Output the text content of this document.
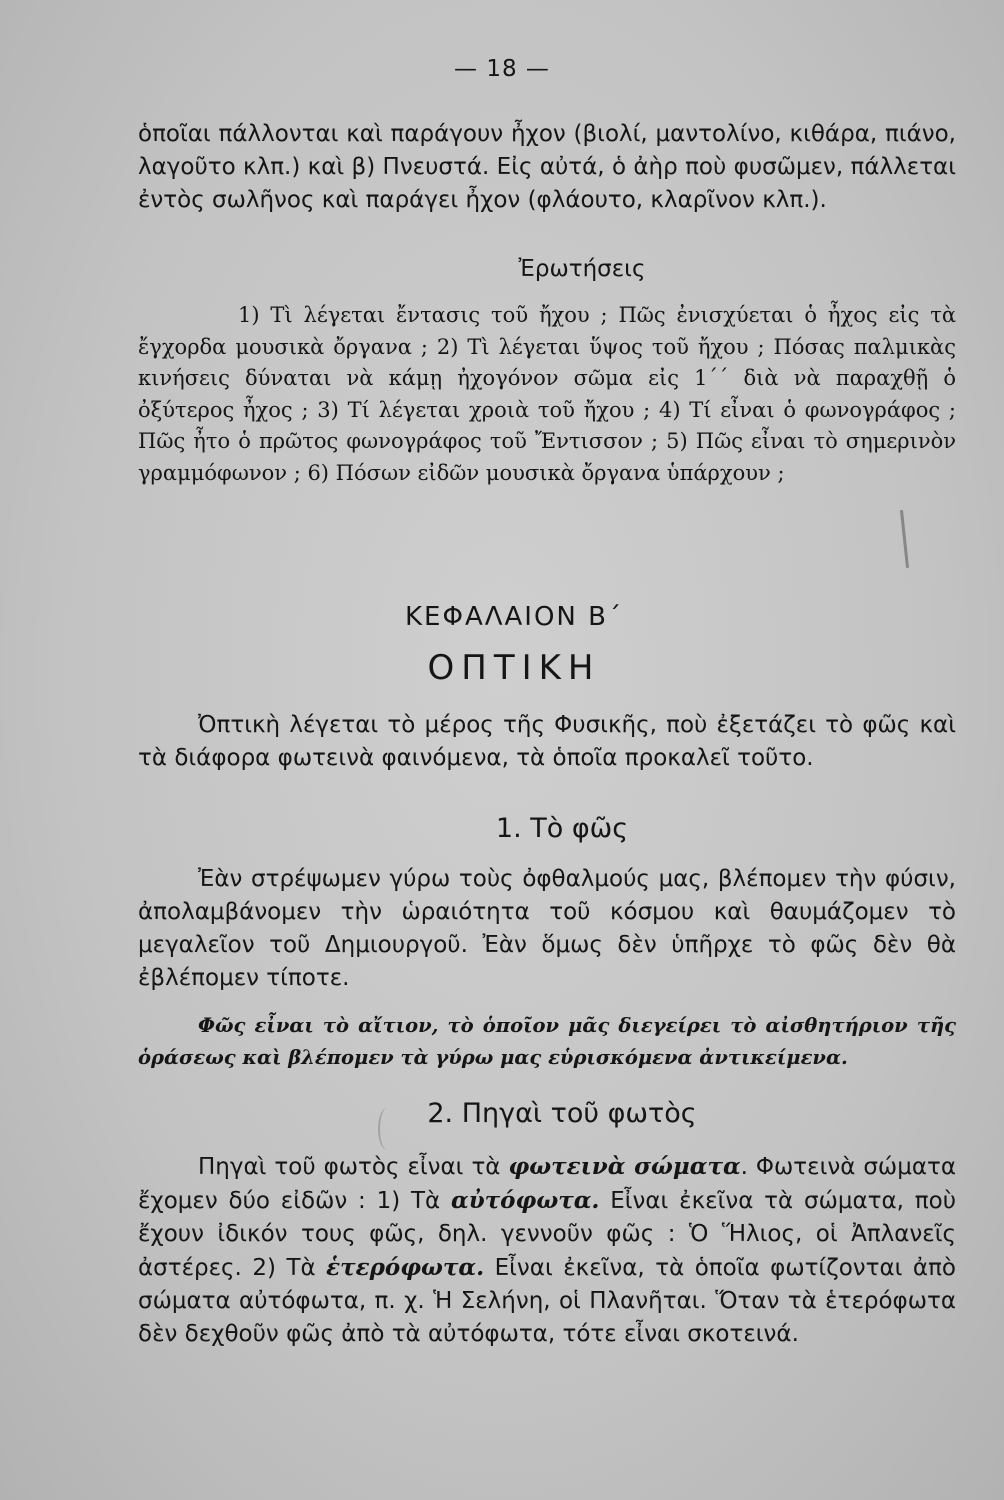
— 18 —
ὁποῖαι πάλλονται καὶ παράγουν ἦχον (βιολί, μαντολίνο, κιθάρα, πιάνο, λαγοῦτο κλπ.) καὶ β) Πνευστά. Εἰς αὐτά, ὁ ἀὴρ ποὺ φυσῶμεν, πάλλεται ἐντὸς σωλῆνος καὶ παράγει ἦχον (φλάουτο, κλαρῖνον κλπ.).
Ἐρωτήσεις
1) Τὶ λέγεται ἔντασις τοῦ ἤχου ; Πῶς ἐνισχύεται ὁ ἦχος εἰς τὰ ἔγχορδα μουσικὰ ὄργανα ; 2) Τὶ λέγεται ὕψος τοῦ ἤχου ; Πόσας παλμικὰς κινήσεις δύναται νὰ κάμῃ ἠχογόνον σῶμα εἰς 1΄΄ διὰ νὰ παραχθῇ ὁ ὀξύτερος ἦχος ; 3) Τί λέγεται χροιὰ τοῦ ἤχου ; 4) Τί εἶναι ὁ φωνογράφος ; Πῶς ἦτο ὁ πρῶτος φωνογράφος τοῦ Ἔντισσον ; 5) Πῶς εἶναι τὸ σημερινὸν γραμμόφωνον ; 6) Πόσων εἰδῶν μουσικὰ ὄργανα ὑπάρχουν ;
ΚΕΦΑΛΑΙΟΝ Β΄
ΟΠΤΙΚΗ
Ὀπτικὴ λέγεται τὸ μέρος τῆς Φυσικῆς, ποὺ ἐξετάζει τὸ φῶς καὶ τὰ διάφορα φωτεινὰ φαινόμενα, τὰ ὁποῖα προκαλεῖ τοῦτο.
1. Τὸ φῶς
Ἐὰν στρέψωμεν γύρω τοὺς ὀφθαλμούς μας, βλέπομεν τὴν φύσιν, ἀπολαμβάνομεν τὴν ὡραιότητα τοῦ κόσμου καὶ θαυμάζομεν τὸ μεγαλεῖον τοῦ Δημιουργοῦ. Ἐὰν ὅμως δὲν ὑπῆρχε τὸ φῶς δὲν θὰ ἐβλέπομεν τίποτε.
Φῶς εἶναι τὸ αἴτιον, τὸ ὁποῖον μᾶς διεγείρει τὸ αἰσθητήριον τῆς ὁράσεως καὶ βλέπομεν τὰ γύρω μας εὑρισκόμενα ἀντικείμενα.
2. Πηγαὶ τοῦ φωτὸς
Πηγαὶ τοῦ φωτὸς εἶναι τὰ φωτεινὰ σώματα. Φωτεινὰ σώματα ἔχομεν δύο εἰδῶν : 1) Τὰ αὐτόφωτα. Εἶναι ἐκεῖνα τὰ σώματα, ποὺ ἔχουν ἰδικόν τους φῶς, δηλ. γεννοῦν φῶς : Ὁ Ἥλιος, οἱ Ἀπλανεῖς ἀστέρες. 2) Τὰ ἑτερόφωτα. Εἶναι ἐκεῖνα, τὰ ὁποῖα φωτίζονται ἀπὸ σώματα αὐτόφωτα, π. χ. Ἡ Σελήνη, οἱ Πλανῆται. Ὅταν τὰ ἑτερόφωτα δὲν δεχθοῦν φῶς ἀπὸ τὰ αὐτόφωτα, τότε εἶναι σκοτεινά.
